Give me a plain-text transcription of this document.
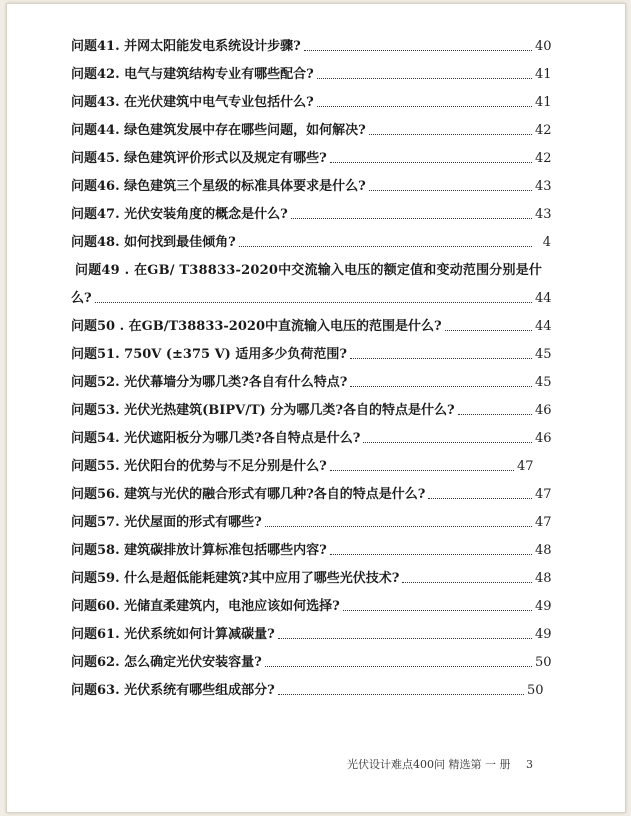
问题41. 并网太阳能发电系统设计步骤?	40
问题42. 电气与建筑结构专业有哪些配合?	41
问题43. 在光伏建筑中电气专业包括什么?	41
问题44. 绿色建筑发展中存在哪些问题，如何解决?	42
问题45. 绿色建筑评价形式以及规定有哪些?	42
问题46. 绿色建筑三个星级的标准具体要求是什么?	43
问题47. 光伏安装角度的概念是什么?	43
问题48. 如何找到最佳倾角?	4
问题49 . 在GB/ T38833-2020中交流输入电压的额定值和变动范围分别是什
么?	44
问题50 . 在GB/T38833-2020中直流输入电压的范围是什么?	44
问题51. 750V (±375 V) 适用多少负荷范围?	45
问题52. 光伏幕墙分为哪几类?各自有什么特点?	45
问题53. 光伏光热建筑(BIPV/T) 分为哪几类?各自的特点是什么?	46
问题54. 光伏遮阳板分为哪几类?各自特点是什么?	46
问题55. 光伏阳台的优势与不足分别是什么?	47
问题56. 建筑与光伏的融合形式有哪几种?各自的特点是什么?	47
问题57. 光伏屋面的形式有哪些?	47
问题58. 建筑碳排放计算标准包括哪些内容?	48
问题59. 什么是超低能耗建筑?其中应用了哪些光伏技术?	48
问题60. 光储直柔建筑内，电池应该如何选择?	49
问题61. 光伏系统如何计算减碳量?	49
问题62. 怎么确定光伏安装容量?	50
问题63. 光伏系统有哪些组成部分?	50
光伏设计难点400问 精选第 一 册 3
